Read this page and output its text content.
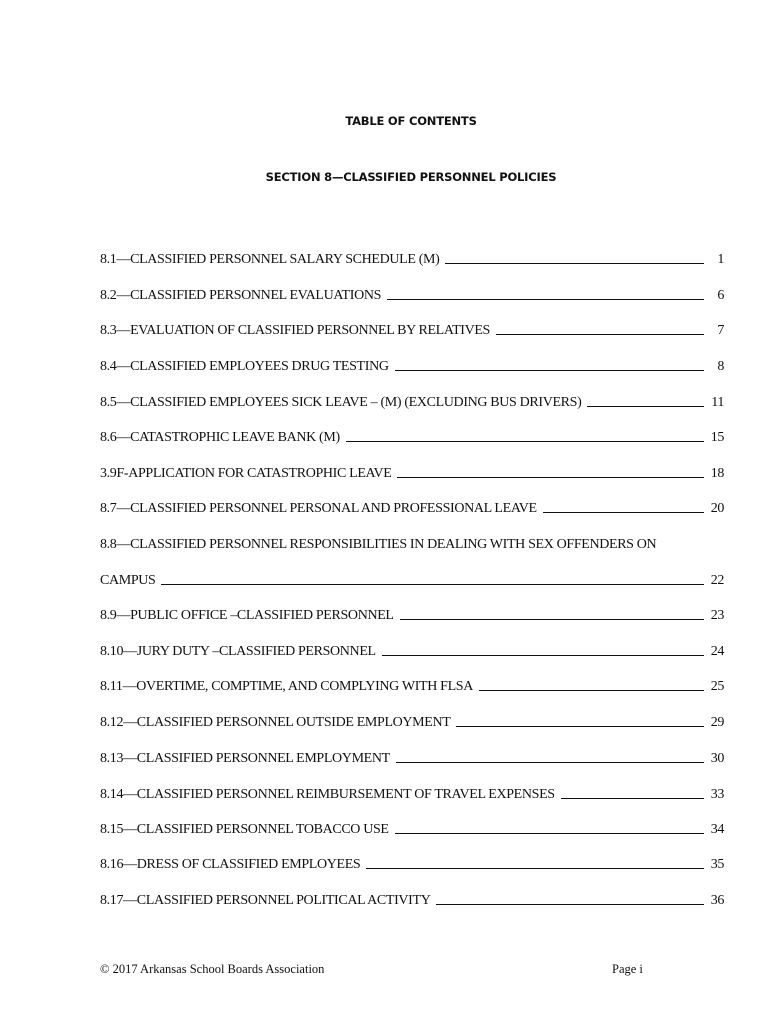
TABLE OF CONTENTS
SECTION 8—CLASSIFIED PERSONNEL POLICIES
8.1—CLASSIFIED PERSONNEL SALARY SCHEDULE (M)	1
8.2—CLASSIFIED PERSONNEL EVALUATIONS	6
8.3—EVALUATION OF CLASSIFIED PERSONNEL BY RELATIVES	7
8.4—CLASSIFIED EMPLOYEES DRUG TESTING	8
8.5—CLASSIFIED EMPLOYEES SICK LEAVE – (M) (EXCLUDING BUS DRIVERS)	11
8.6—CATASTROPHIC LEAVE BANK (M)	15
3.9F-APPLICATION FOR CATASTROPHIC LEAVE	18
8.7—CLASSIFIED PERSONNEL PERSONAL AND PROFESSIONAL LEAVE	20
8.8—CLASSIFIED PERSONNEL RESPONSIBILITIES IN DEALING WITH SEX OFFENDERS ON
CAMPUS	22
8.9—PUBLIC OFFICE –CLASSIFIED PERSONNEL	23
8.10—JURY DUTY –CLASSIFIED PERSONNEL	24
8.11—OVERTIME, COMPTIME, AND COMPLYING WITH FLSA	25
8.12—CLASSIFIED PERSONNEL OUTSIDE EMPLOYMENT	29
8.13—CLASSIFIED PERSONNEL EMPLOYMENT	30
8.14—CLASSIFIED PERSONNEL REIMBURSEMENT OF TRAVEL EXPENSES	33
8.15—CLASSIFIED PERSONNEL TOBACCO USE	34
8.16—DRESS OF CLASSIFIED EMPLOYEES	35
8.17—CLASSIFIED PERSONNEL POLITICAL ACTIVITY	36
© 2017 Arkansas School Boards Association	Page i
